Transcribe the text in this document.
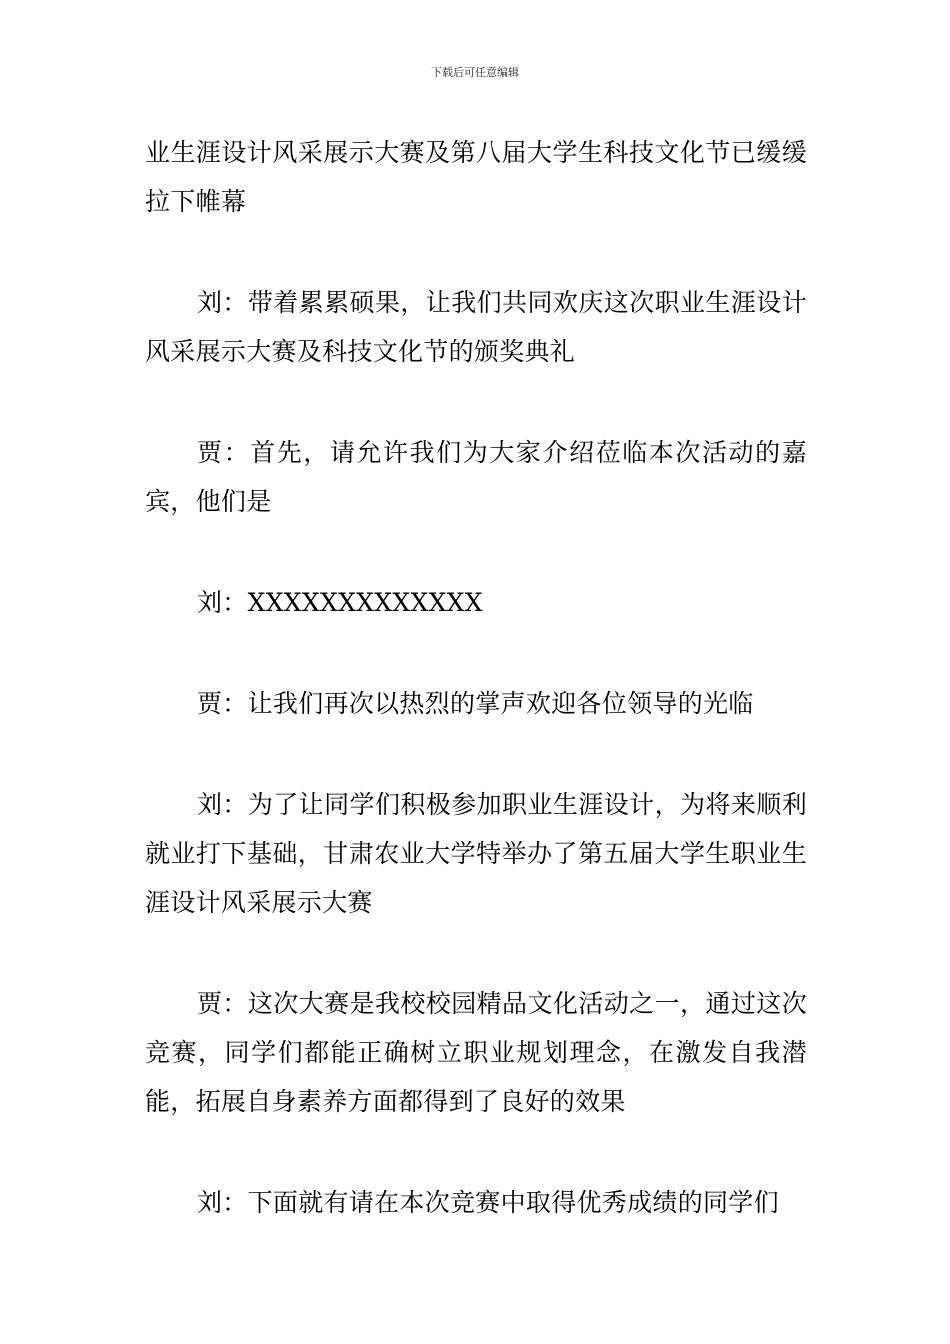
下载后可任意编辑

业生涯设计风采展示大赛及第八届大学生科技文化节已缓缓拉下帷幕

刘：带着累累硕果，让我们共同欢庆这次职业生涯设计风采展示大赛及科技文化节的颁奖典礼

贾：首先，请允许我们为大家介绍莅临本次活动的嘉宾，他们是

刘：XXXXXXXXXXXXX

贾：让我们再次以热烈的掌声欢迎各位领导的光临

刘：为了让同学们积极参加职业生涯设计，为将来顺利就业打下基础，甘肃农业大学特举办了第五届大学生职业生涯设计风采展示大赛

贾：这次大赛是我校校园精品文化活动之一，通过这次竞赛，同学们都能正确树立职业规划理念，在激发自我潜能，拓展自身素养方面都得到了良好的效果

刘：下面就有请在本次竞赛中取得优秀成绩的同学们
